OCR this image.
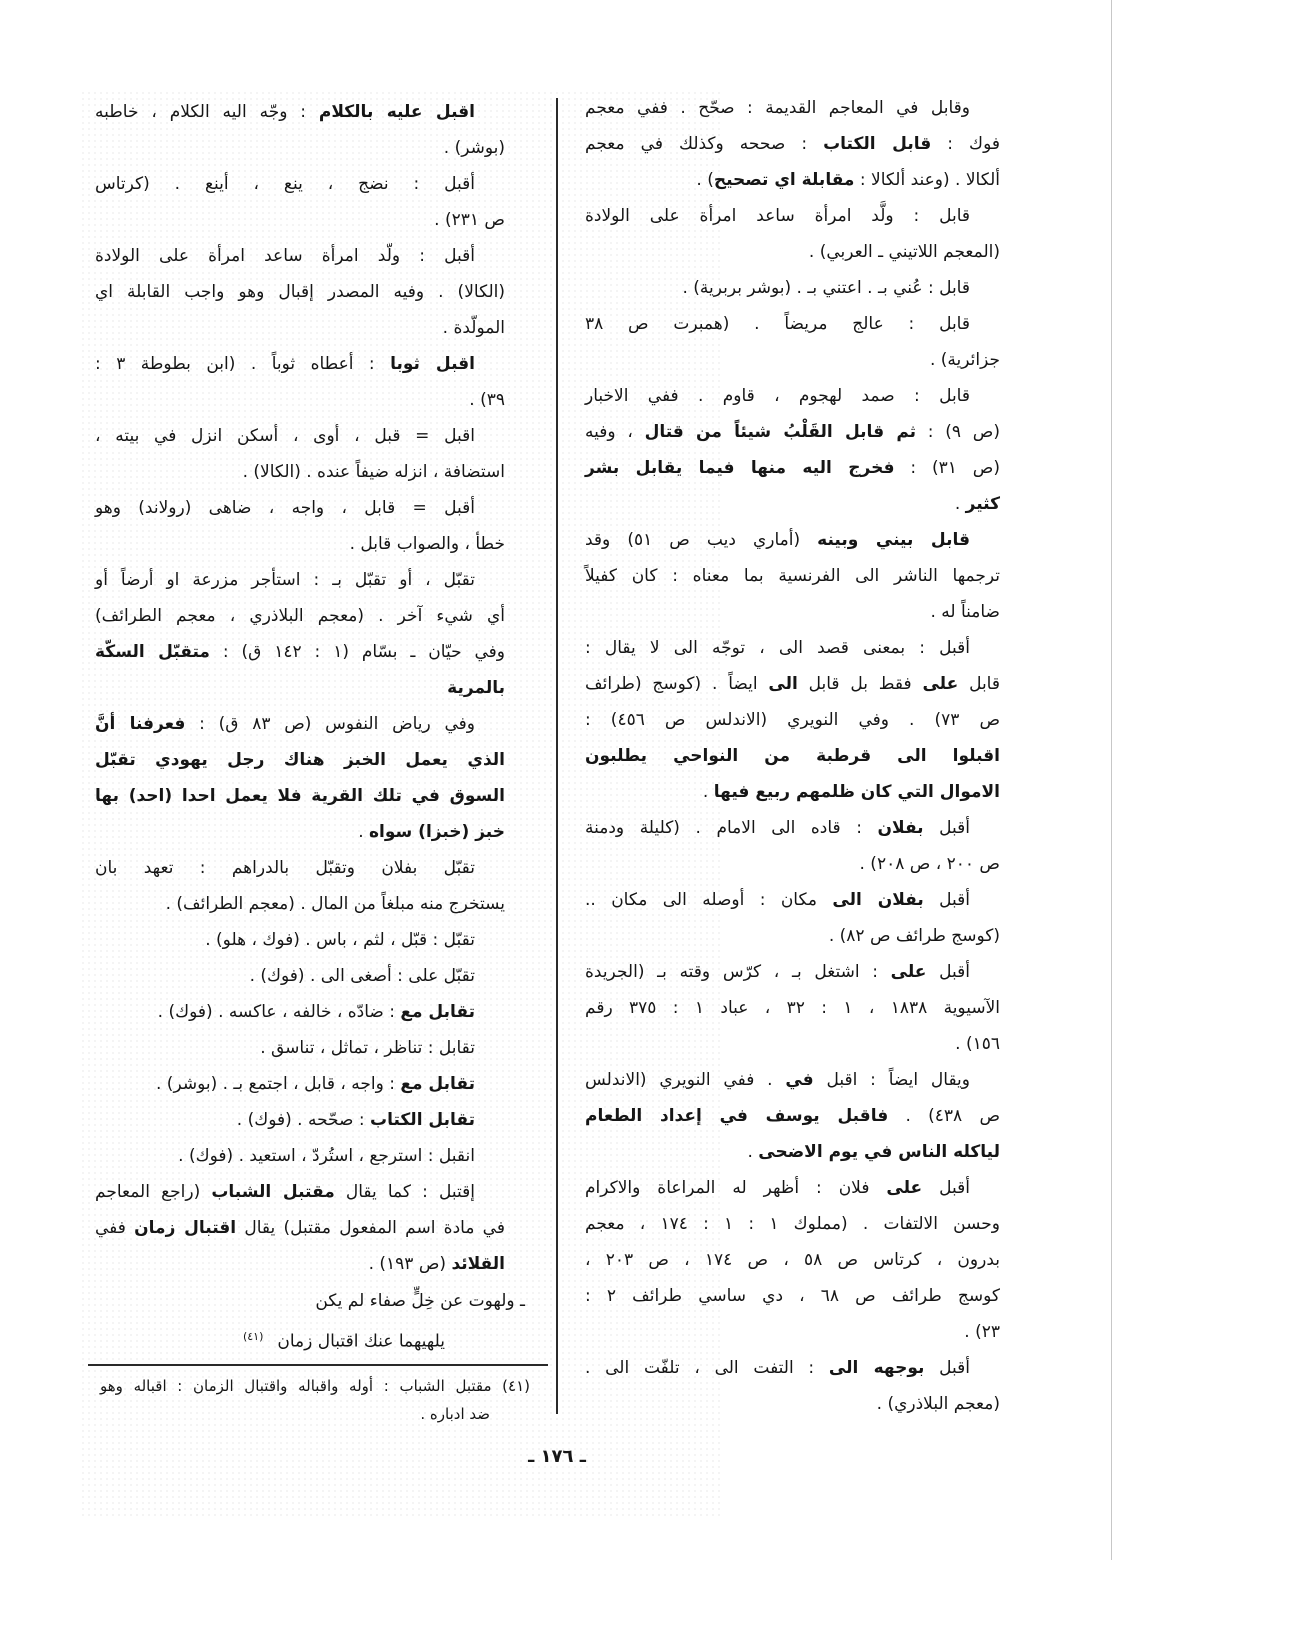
وقابل في المعاجم القديمة : صحّح . ففي معجم
فوك : قابل الكتاب : صححه وكذلك في معجم
ألكالا . (وعند ألكالا : مقابلة اي تصحيح) .
قابل : ولَّد امرأة ساعد امرأة على الولادة
(المعجم اللاتيني ـ العربي) .
قابل : عُني بـ . اعتني بـ . (بوشر بربرية) .
قابل : عالج مريضاً . (همبرت ص ٣٨
جزائرية) .
قابل : صمد لهجوم ، قاوم . ففي الاخبار
(ص ٩) : ثم قابل القَلْبُ شيئاً من قتال ، وفيه
(ص ٣١) : فخرج اليه منها فيما يقابل بشر
كثير .
قابل بيني وبينه (أماري ديب ص ٥١) وقد
ترجمها الناشر الى الفرنسية بما معناه : كان كفيلاً
ضامناً له .
أقبل : بمعنى قصد الى ، توجّه الى لا يقال :
قابل على فقط بل قابل الى ايضاً . (كوسج (طرائف
ص ٧٣) . وفي النويري (الاندلس ص ٤٥٦) :
اقبلوا الى قرطبة من النواحي يطلبون
الاموال التي كان ظلمهم ربيع فيها .
أقبل بفلان : قاده الى الامام . (كليلة ودمنة
ص ٢٠٠ ، ص ٢٠٨) .
أقبل بفلان الى مكان : أوصله الى مكان ..
(كوسج طرائف ص ٨٢) .
أقبل على : اشتغل بـ ، كرّس وقته بـ (الجريدة
الآسيوية ١٨٣٨ ، ١ : ٣٢ ، عباد ١ : ٣٧٥ رقم
١٥٦) .
ويقال ايضاً : اقبل في . ففي النويري (الاندلس
ص ٤٣٨) . فاقبل يوسف في إعداد الطعام
لياكله الناس في يوم الاضحى .
أقبل على فلان : أظهر له المراعاة والاكرام
وحسن الالتفات . (مملوك ١ : ١ : ١٧٤ ، معجم
بدرون ، كرتاس ص ٥٨ ، ص ١٧٤ ، ص ٢٠٣ ،
كوسج طرائف ص ٦٨ ، دي ساسي طرائف ٢ :
٢٣) .
أقبل بوجهه الى : التفت الى ، تلفّت الى .
(معجم البلاذري) .
اقبل عليه بالكلام : وجّه اليه الكلام ، خاطبه
(بوشر) .
أقبل : نضج ، ينع ، أينع . (كرتاس
ص ٢٣١) .
أقبل : ولّد امرأة ساعد امرأة على الولادة
(الكالا) . وفيه المصدر إقبال وهو واجب القابلة اي
المولّدة .
اقبل ثوبا : أعطاه ثوباً . (ابن بطوطة ٣ :
٣٩) .
اقبل = قبل ، أوى ، أسكن انزل في بيته ،
استضافة ، انزله ضيفاً عنده . (الكالا) .
أقبل = قابل ، واجه ، ضاهى (رولاند) وهو
خطأ ، والصواب قابل .
تقبّل ، أو تقبّل بـ : استأجر مزرعة او أرضاً أو
أي شيء آخر . (معجم البلاذري ، معجم الطرائف)
وفي حيّان ـ بسّام (١ : ١٤٢ ق) : متقبّل السكّة
بالمرية
وفي رياض النفوس (ص ٨٣ ق) : فعرفنا أنَّ
الذي يعمل الخبز هناك رجل يهودي تقبّل
السوق في تلك القرية فلا يعمل احدا (احد) بها
خبز (خبزا) سواه .
تقبّل بفلان وتقبّل بالدراهم : تعهد بان
يستخرج منه مبلغاً من المال . (معجم الطرائف) .
تقبّل : قبّل ، لثم ، باس . (فوك ، هلو) .
تقبّل على : أصغى الى . (فوك) .
تقابل مع : ضادّه ، خالفه ، عاكسه . (فوك) .
تقابل : تناظر ، تماثل ، تناسق .
تقابل مع : واجه ، قابل ، اجتمع بـ . (بوشر) .
تقابل الكتاب : صحّحه . (فوك) .
انقبل : استرجع ، استُردّ ، استعيد . (فوك) .
إقتبل : كما يقال مقتبل الشباب (راجع المعاجم
في مادة اسم المفعول مقتبل) يقال اقتبال زمان ففي
القلائد (ص ١٩٣) .
ـ ولهوت عن خِلٍّ صفاء لم يكن
يلهيهما عنك اقتبال زمان$^{(٤١)}$
(٤١) مقتبل الشباب : أوله واقباله واقتبال الزمان : اقباله وهو
ضد ادباره .
ـ ١٧٦ ـ
